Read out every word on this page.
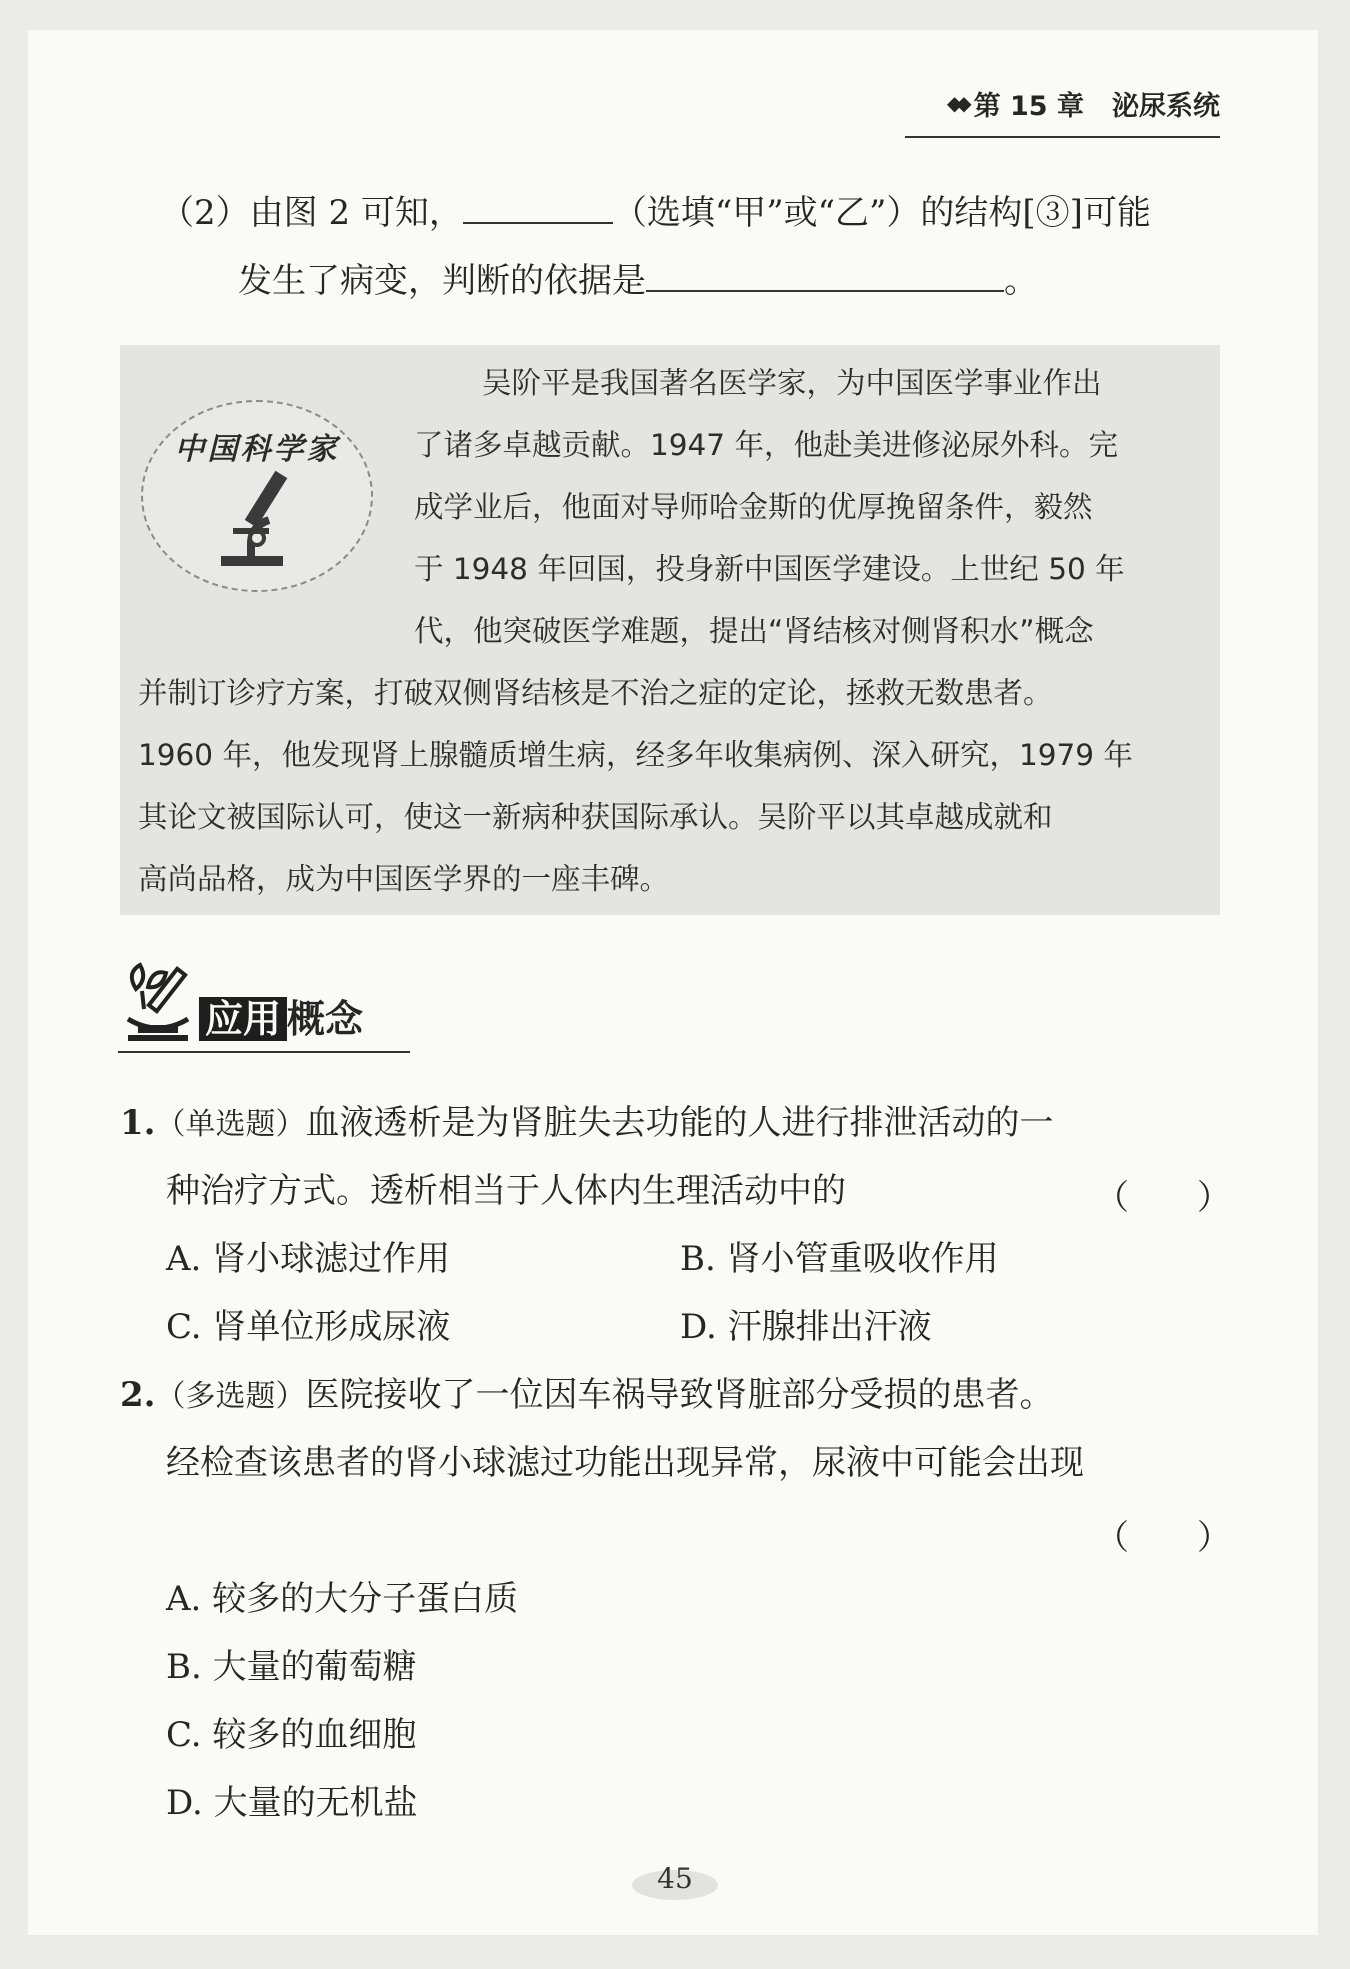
◆◆ 第 15 章 泌尿系统
（2）由图 2 可知，	（选填“甲”或“乙”）的结构[③]可能
发生了病变，判断的依据是	。
中国科学家
吴阶平是我国著名医学家，为中国医学事业作出
了诸多卓越贡献。1947 年，他赴美进修泌尿外科。完
成学业后，他面对导师哈金斯的优厚挽留条件，毅然
于 1948 年回国，投身新中国医学建设。上世纪 50 年
代，他突破医学难题，提出“肾结核对侧肾积水”概念
并制订诊疗方案，打破双侧肾结核是不治之症的定论，拯救无数患者。
1960 年，他发现肾上腺髓质增生病，经多年收集病例、深入研究，1979 年
其论文被国际认可，使这一新病种获国际承认。吴阶平以其卓越成就和
高尚品格，成为中国医学界的一座丰碑。
应用 概念
1.（单选题）血液透析是为肾脏失去功能的人进行排泄活动的一
种治疗方式。透析相当于人体内生理活动中的	（　　）
A. 肾小球滤过作用	B. 肾小管重吸收作用
C. 肾单位形成尿液	D. 汗腺排出汗液
2.（多选题）医院接收了一位因车祸导致肾脏部分受损的患者。
经检查该患者的肾小球滤过功能出现异常，尿液中可能会出现
（　　）
A. 较多的大分子蛋白质
B. 大量的葡萄糖
C. 较多的血细胞
D. 大量的无机盐
45
